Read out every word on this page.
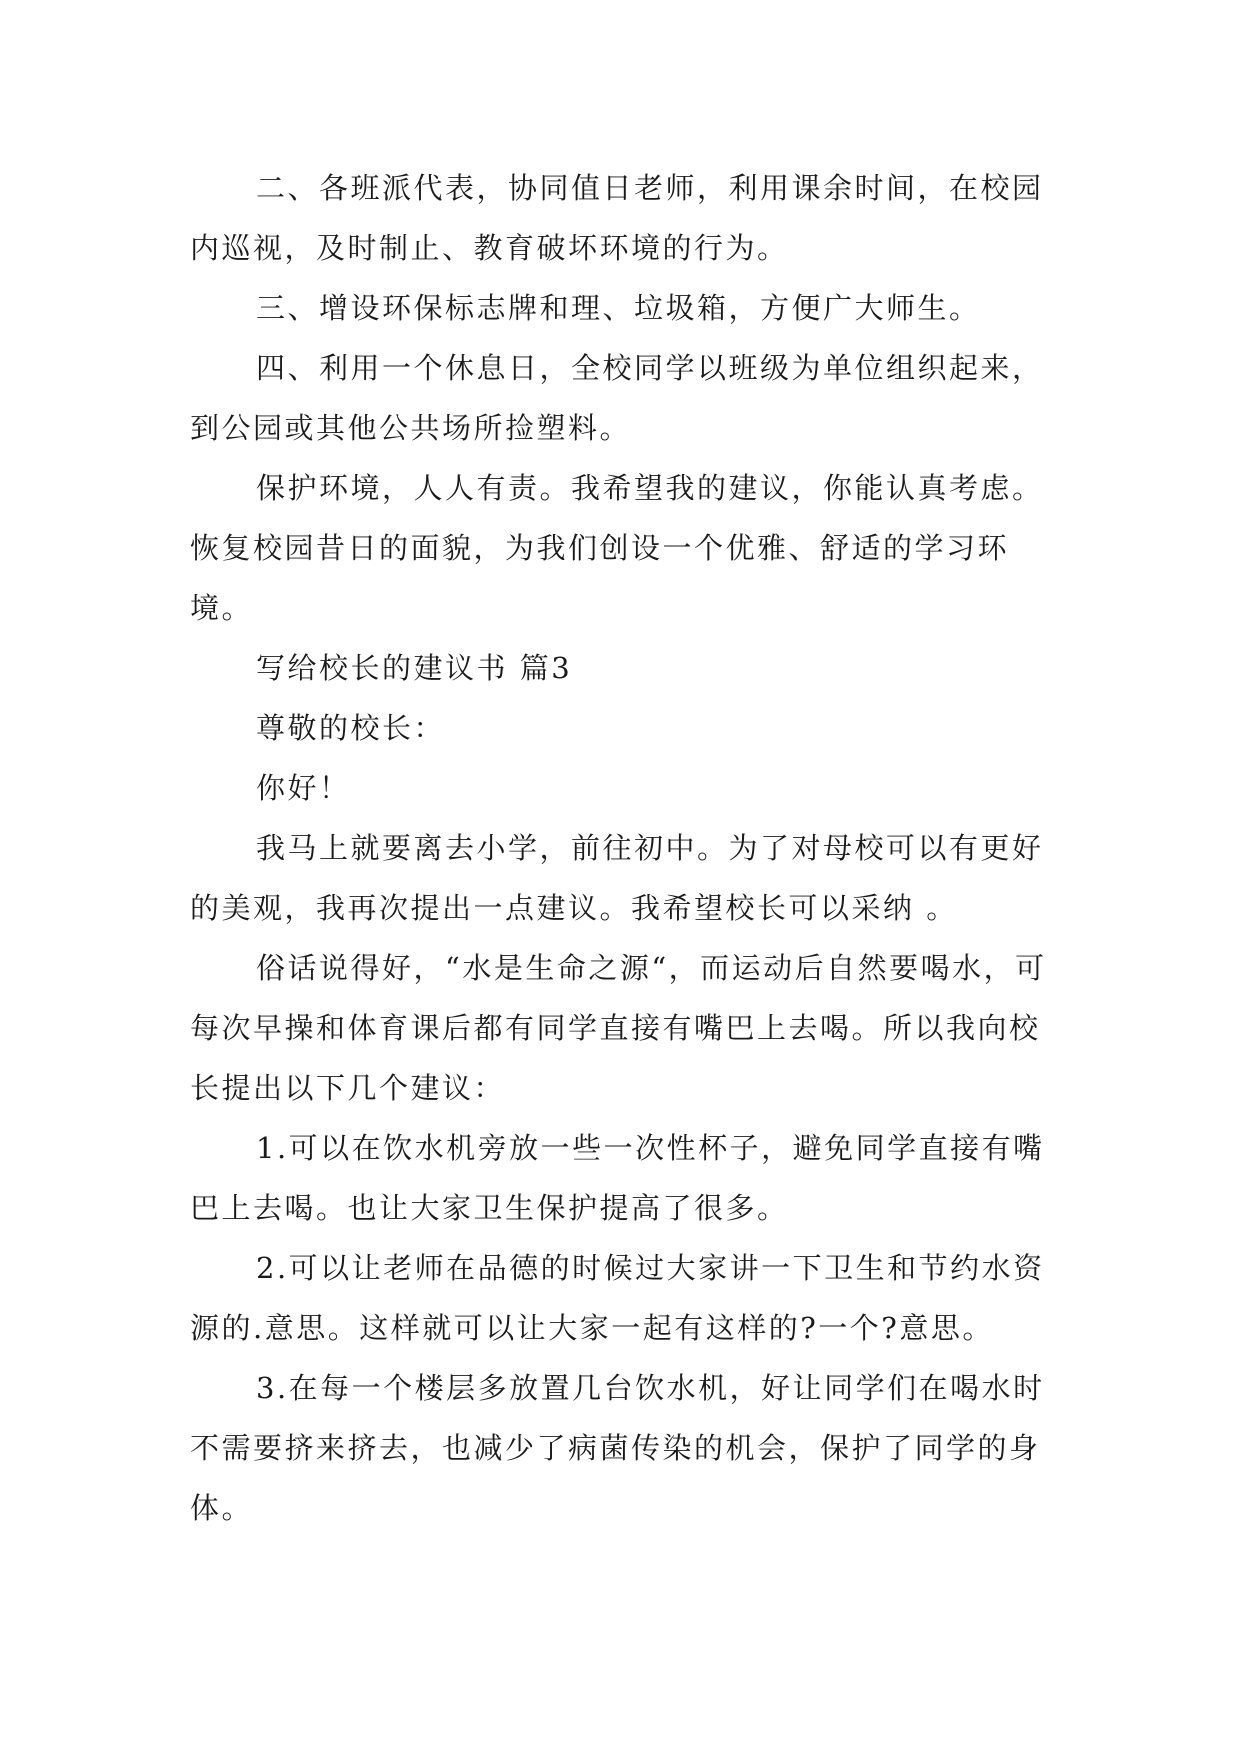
二、各班派代表，协同值日老师，利用课余时间，在校园内巡视，及时制止、教育破坏环境的行为。

三、增设环保标志牌和理、垃圾箱，方便广大师生。

四、利用一个休息日，全校同学以班级为单位组织起来，到公园或其他公共场所捡塑料。

保护环境，人人有责。我希望我的建议，你能认真考虑。恢复校园昔日的面貌，为我们创设一个优雅、舒适的学习环境。

写给校长的建议书 篇3

尊敬的校长：

你好！

我马上就要离去小学，前往初中。为了对母校可以有更好的美观，我再次提出一点建议。我希望校长可以采纳 。

俗话说得好，“水是生命之源“，而运动后自然要喝水，可每次早操和体育课后都有同学直接有嘴巴上去喝。所以我向校长提出以下几个建议：

1.可以在饮水机旁放一些一次性杯子，避免同学直接有嘴巴上去喝。也让大家卫生保护提高了很多。

2.可以让老师在品德的时候过大家讲一下卫生和节约水资源的.意思。这样就可以让大家一起有这样的?一个?意思。

3.在每一个楼层多放置几台饮水机，好让同学们在喝水时不需要挤来挤去，也减少了病菌传染的机会，保护了同学的身体。
